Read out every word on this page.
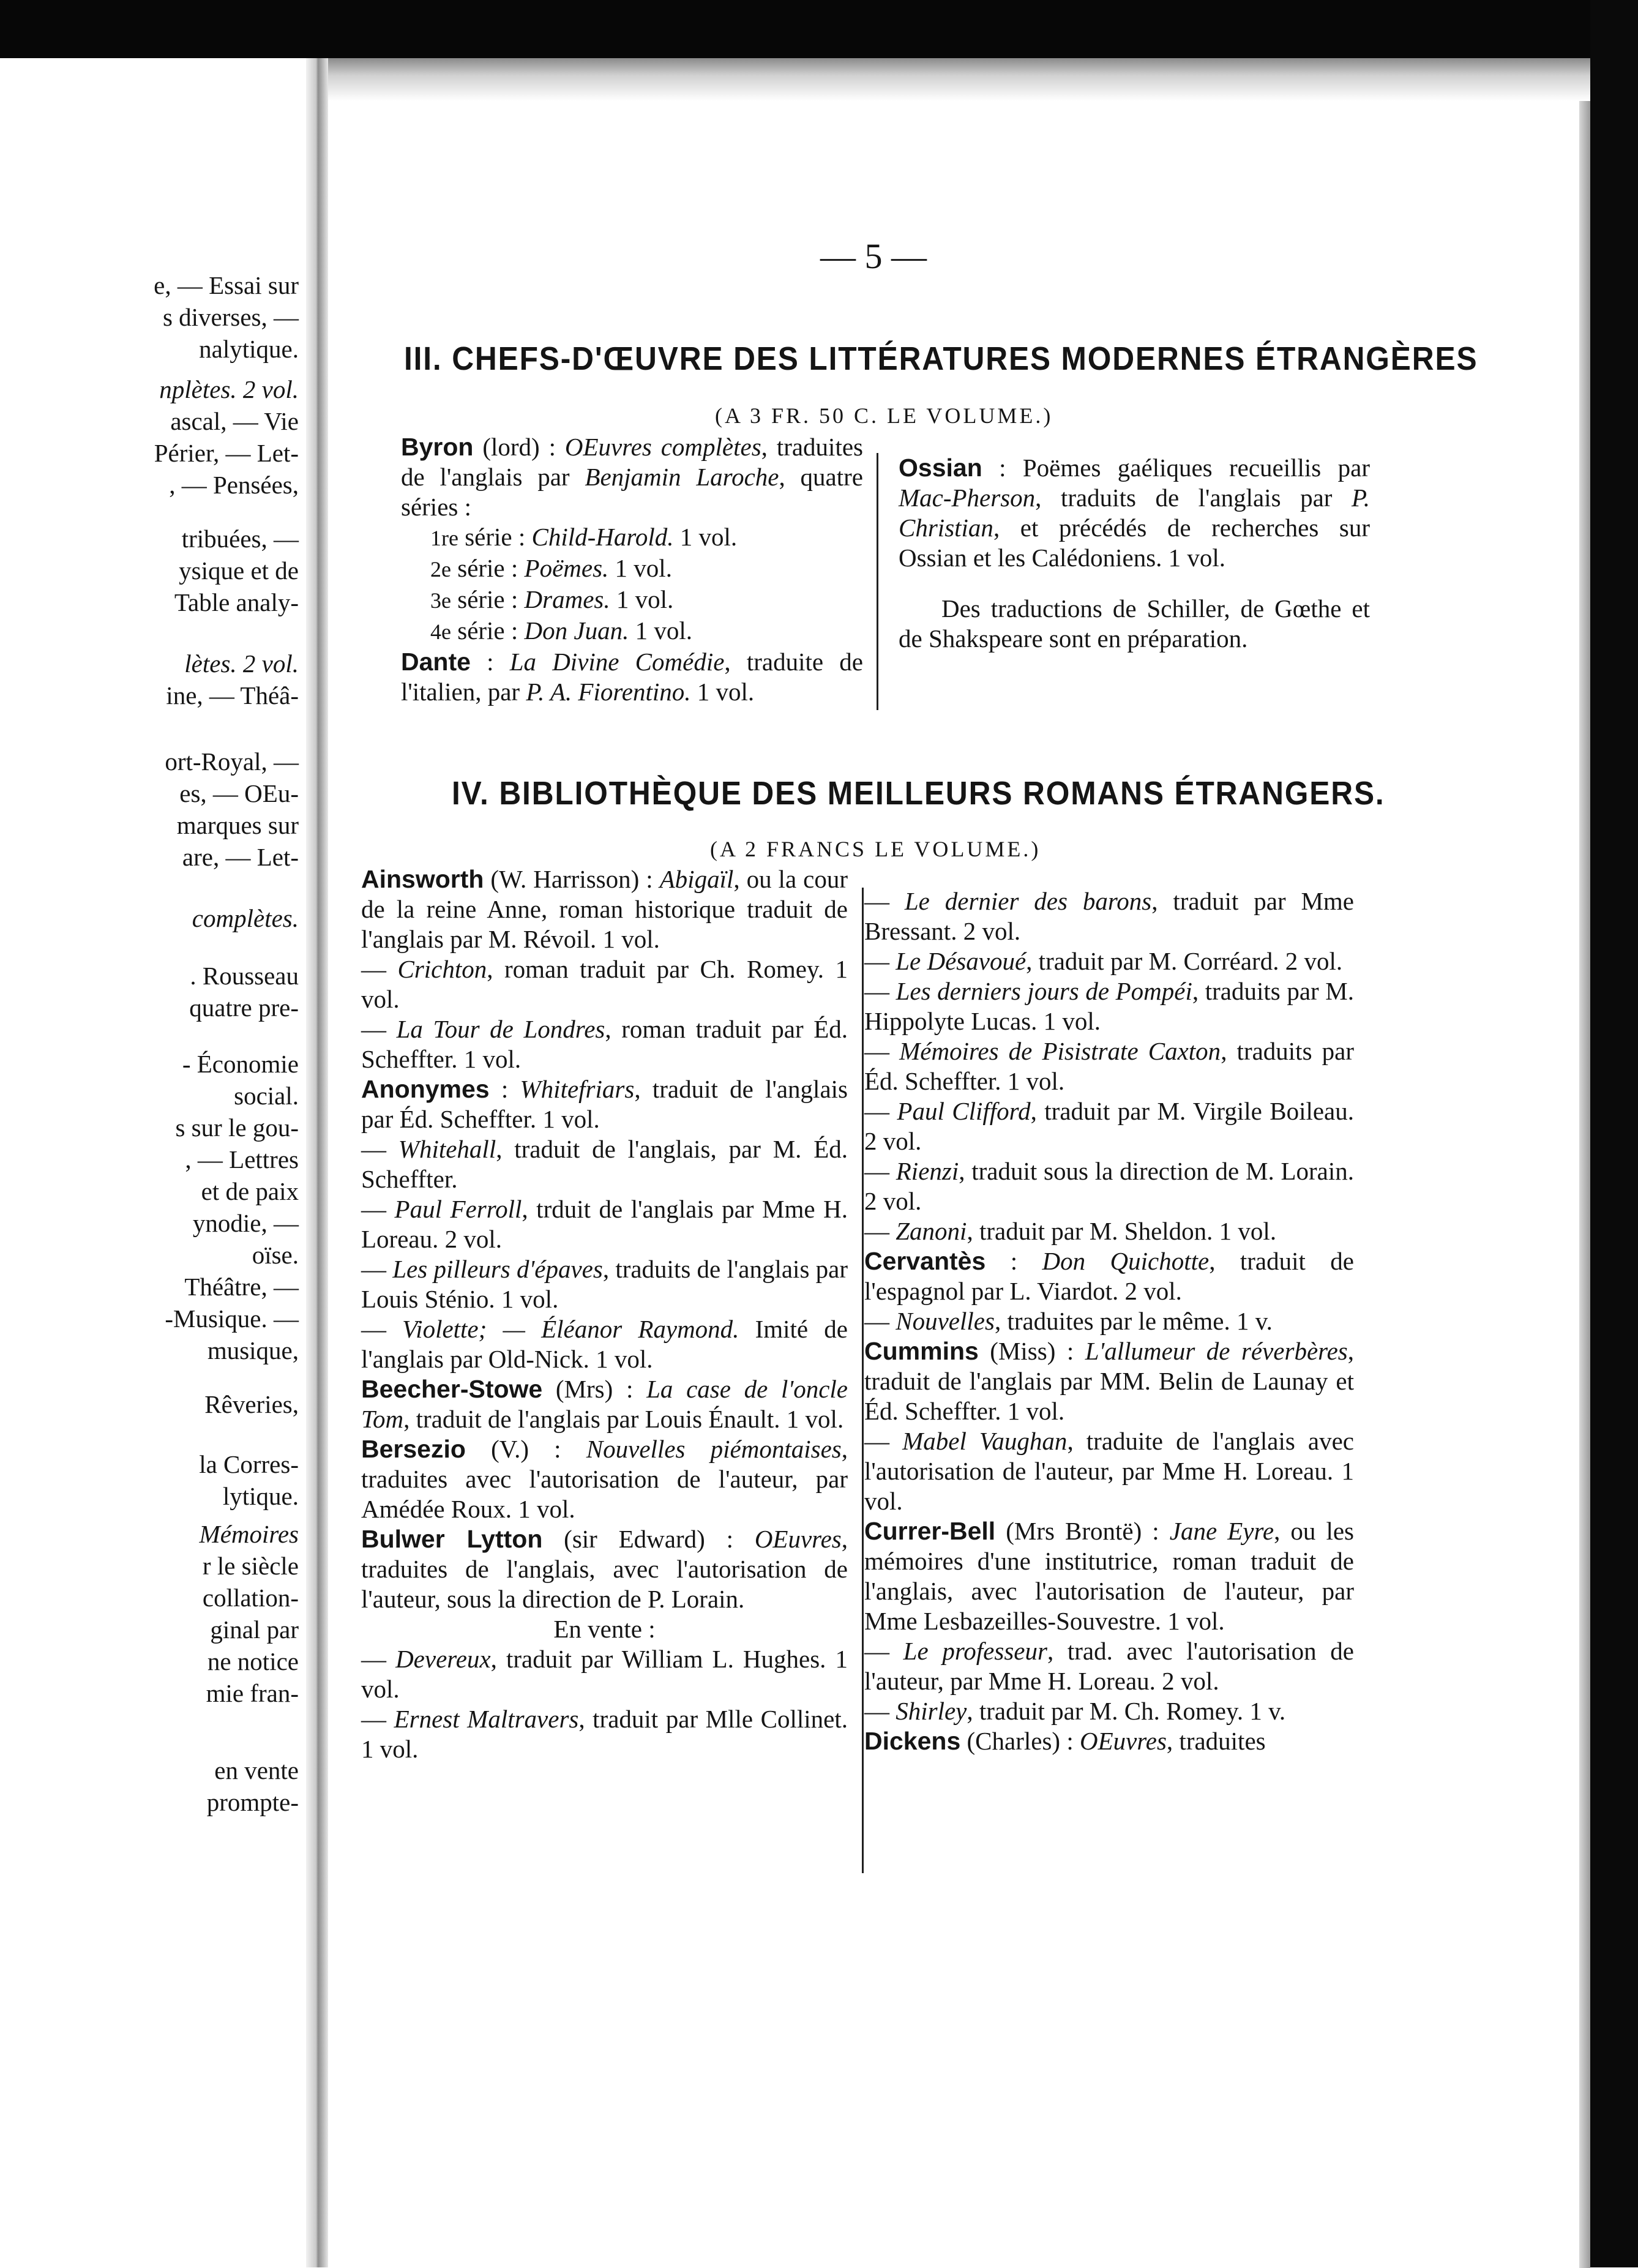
e, — Essai sur
s diverses, —
nalytique.
nplètes. 2 vol.
ascal, — Vie
Périer, — Let-
, — Pensées,
tribuées, —
ysique et de
Table analy-
lètes. 2 vol.
ine, — Théâ-
ort-Royal, —
es, — OEu-
marques sur
are, — Let-
complètes.
. Rousseau
quatre pre-
- Économie
social.
s sur le gou-
, — Lettres
et de paix
ynodie, —
oïse.
Théâtre, —
-Musique. —
musique,
Rêveries,
la Corres-
lytique.
Mémoires
r le siècle
collation-
ginal par
ne notice
mie fran-
en vente
prompte-
— 5 —
III. CHEFS-D'ŒUVRE DES LITTÉRATURES MODERNES ÉTRANGÈRES
(A 3 FR. 50 C. LE VOLUME.)

Byron (lord) : OEuvres complètes, traduites de l'anglais par Benjamin Laroche, quatre séries :

1re série : Child-Harold. 1 vol.

2e série : Poëmes. 1 vol.

3e série : Drames. 1 vol.

4e série : Don Juan. 1 vol.

Dante : La Divine Comédie, traduite de l'italien, par P. A. Fiorentino. 1 vol.

Ossian : Poëmes gaéliques recueillis par Mac-Pherson, traduits de l'anglais par P. Christian, et précédés de recherches sur Ossian et les Calédoniens. 1 vol.

Des traductions de Schiller, de Gœthe et de Shakspeare sont en préparation.

IV. BIBLIOTHÈQUE DES MEILLEURS ROMANS ÉTRANGERS.
(A 2 FRANCS LE VOLUME.)

Ainsworth (W. Harrisson) : Abigaïl, ou la cour de la reine Anne, roman historique traduit de l'anglais par M. Révoil. 1 vol.

— Crichton, roman traduit par Ch. Romey. 1 vol.

— La Tour de Londres, roman traduit par Éd. Scheffter. 1 vol.

Anonymes : Whitefriars, traduit de l'anglais par Éd. Scheffter. 1 vol.

— Whitehall, traduit de l'anglais, par M. Éd. Scheffter.

— Paul Ferroll, trduit de l'anglais par Mme H. Loreau. 2 vol.

— Les pilleurs d'épaves, traduits de l'anglais par Louis Sténio. 1 vol.

— Violette; — Éléanor Raymond. Imité de l'anglais par Old-Nick. 1 vol.

Beecher-Stowe (Mrs) : La case de l'oncle Tom, traduit de l'anglais par Louis Énault. 1 vol.

Bersezio (V.) : Nouvelles piémontaises, traduites avec l'autorisation de l'auteur, par Amédée Roux. 1 vol.

Bulwer Lytton (sir Edward) : OEuvres, traduites de l'anglais, avec l'autorisation de l'auteur, sous la direction de P. Lorain.

En vente :

— Devereux, traduit par William L. Hughes. 1 vol.

— Ernest Maltravers, traduit par Mlle Collinet. 1 vol.

— Le dernier des barons, traduit par Mme Bressant. 2 vol.

— Le Désavoué, traduit par M. Corréard. 2 vol.

— Les derniers jours de Pompéi, traduits par M. Hippolyte Lucas. 1 vol.

— Mémoires de Pisistrate Caxton, traduits par Éd. Scheffter. 1 vol.

— Paul Clifford, traduit par M. Virgile Boileau. 2 vol.

— Rienzi, traduit sous la direction de M. Lorain. 2 vol.

— Zanoni, traduit par M. Sheldon. 1 vol.

Cervantès : Don Quichotte, traduit de l'espagnol par L. Viardot. 2 vol.

— Nouvelles, traduites par le même. 1 v.

Cummins (Miss) : L'allumeur de réverbères, traduit de l'anglais par MM. Belin de Launay et Éd. Scheffter. 1 vol.

— Mabel Vaughan, traduite de l'anglais avec l'autorisation de l'auteur, par Mme H. Loreau. 1 vol.

Currer-Bell (Mrs Brontë) : Jane Eyre, ou les mémoires d'une institutrice, roman traduit de l'anglais, avec l'autorisation de l'auteur, par Mme Lesbazeilles-Souvestre. 1 vol.

— Le professeur, trad. avec l'autorisation de l'auteur, par Mme H. Loreau. 2 vol.

— Shirley, traduit par M. Ch. Romey. 1 v.

Dickens (Charles) : OEuvres, traduites
